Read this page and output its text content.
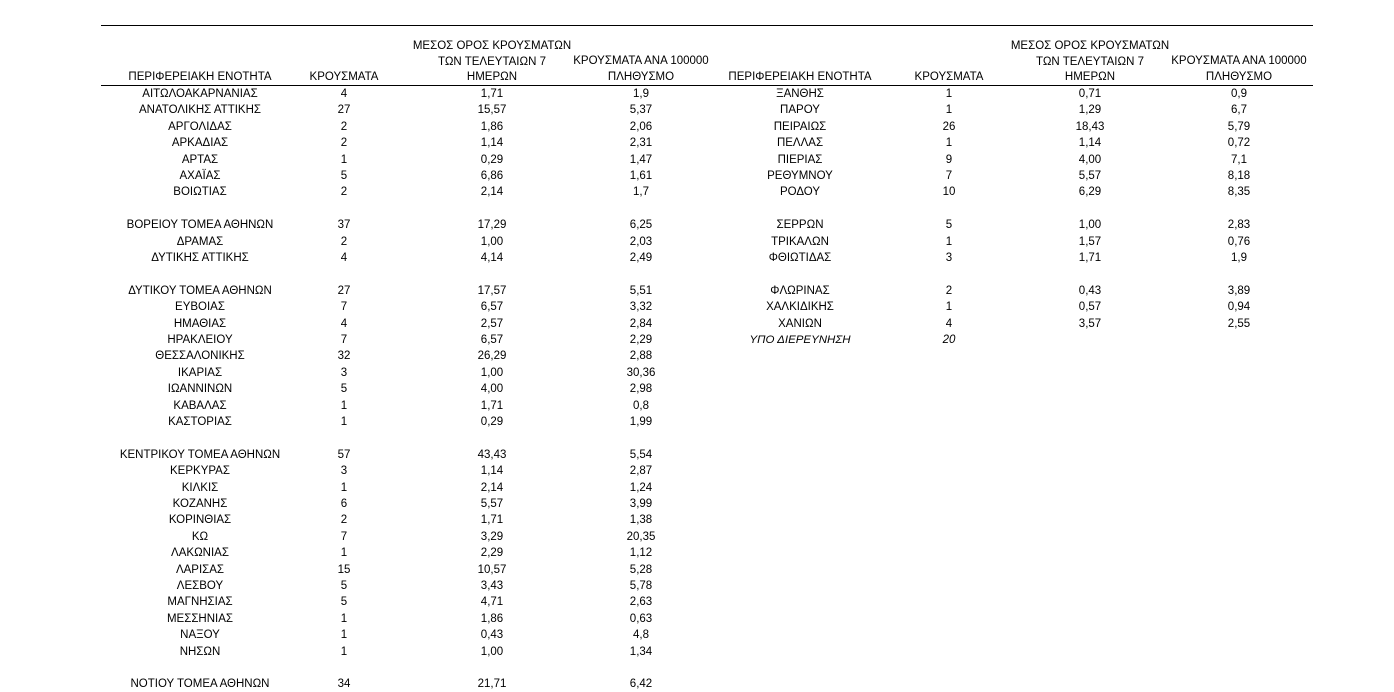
ΠΕΡΙΦΕΡΕΙΑΚΗ ΕΝΟΤΗΤΑ	ΚΡΟΥΣΜΑΤΑ
ΜΕΣΟΣ ΟΡΟΣ ΚΡΟΥΣΜΑΤΩΝ
ΤΩΝ ΤΕΛΕΥΤΑΙΩΝ 7
ΗΜΕΡΩΝ
ΚΡΟΥΣΜΑΤΑ ΑΝΑ 100000
ΠΛΗΘΥΣΜΟ	ΠΕΡΙΦΕΡΕΙΑΚΗ ΕΝΟΤΗΤΑ	ΚΡΟΥΣΜΑΤΑ
ΜΕΣΟΣ ΟΡΟΣ ΚΡΟΥΣΜΑΤΩΝ
ΤΩΝ ΤΕΛΕΥΤΑΙΩΝ 7
ΗΜΕΡΩΝ
ΚΡΟΥΣΜΑΤΑ ΑΝΑ 100000
ΠΛΗΘΥΣΜΟ
ΑΙΤΩΛΟΑΚΑΡΝΑΝΙΑΣ	4	1,71	1,9
ΑΝΑΤΟΛΙΚΗΣ ΑΤΤΙΚΗΣ	27	15,57	5,37
ΑΡΓΟΛΙΔΑΣ	2	1,86	2,06
ΑΡΚΑΔΙΑΣ	2	1,14	2,31
ΑΡΤΑΣ	1	0,29	1,47
ΑΧΑΪΑΣ	5	6,86	1,61
ΒΟΙΩΤΙΑΣ	2	2,14	1,7
ΒΟΡΕΙΟΥ ΤΟΜΕΑ ΑΘΗΝΩΝ	37	17,29	6,25
ΔΡΑΜΑΣ	2	1,00	2,03
ΔΥΤΙΚΗΣ ΑΤΤΙΚΗΣ	4	4,14	2,49
ΔΥΤΙΚΟΥ ΤΟΜΕΑ ΑΘΗΝΩΝ	27	17,57	5,51
ΕΥΒΟΙΑΣ	7	6,57	3,32
ΗΜΑΘΙΑΣ	4	2,57	2,84
ΗΡΑΚΛΕΙΟΥ	7	6,57	2,29
ΘΕΣΣΑΛΟΝΙΚΗΣ	32	26,29	2,88
ΙΚΑΡΙΑΣ	3	1,00	30,36
ΙΩΑΝΝΙΝΩΝ	5	4,00	2,98
ΚΑΒΑΛΑΣ	1	1,71	0,8
ΚΑΣΤΟΡΙΑΣ	1	0,29	1,99
ΚΕΝΤΡΙΚΟΥ ΤΟΜΕΑ ΑΘΗΝΩΝ	57	43,43	5,54
ΚΕΡΚΥΡΑΣ	3	1,14	2,87
ΚΙΛΚΙΣ	1	2,14	1,24
ΚΟΖΑΝΗΣ	6	5,57	3,99
ΚΟΡΙΝΘΙΑΣ	2	1,71	1,38
ΚΩ	7	3,29	20,35
ΛΑΚΩΝΙΑΣ	1	2,29	1,12
ΛΑΡΙΣΑΣ	15	10,57	5,28
ΛΕΣΒΟΥ	5	3,43	5,78
ΜΑΓΝΗΣΙΑΣ	5	4,71	2,63
ΜΕΣΣΗΝΙΑΣ	1	1,86	0,63
ΝΑΞΟΥ	1	0,43	4,8
ΝΗΣΩΝ	1	1,00	1,34
ΝΟΤΙΟΥ ΤΟΜΕΑ ΑΘΗΝΩΝ	34	21,71	6,42
ΞΑΝΘΗΣ	1	0,71	0,9
ΠΑΡΟΥ	1	1,29	6,7
ΠΕΙΡΑΙΩΣ	26	18,43	5,79
ΠΕΛΛΑΣ	1	1,14	0,72
ΠΙΕΡΙΑΣ	9	4,00	7,1
ΡΕΘΥΜΝΟΥ	7	5,57	8,18
ΡΟΔΟΥ	10	6,29	8,35
ΣΕΡΡΩΝ	5	1,00	2,83
ΤΡΙΚΑΛΩΝ	1	1,57	0,76
ΦΘΙΩΤΙΔΑΣ	3	1,71	1,9
ΦΛΩΡΙΝΑΣ	2	0,43	3,89
ΧΑΛΚΙΔΙΚΗΣ	1	0,57	0,94
ΧΑΝΙΩΝ	4	3,57	2,55
ΥΠΟ ΔΙΕΡΕΥΝΗΣΗ	20
